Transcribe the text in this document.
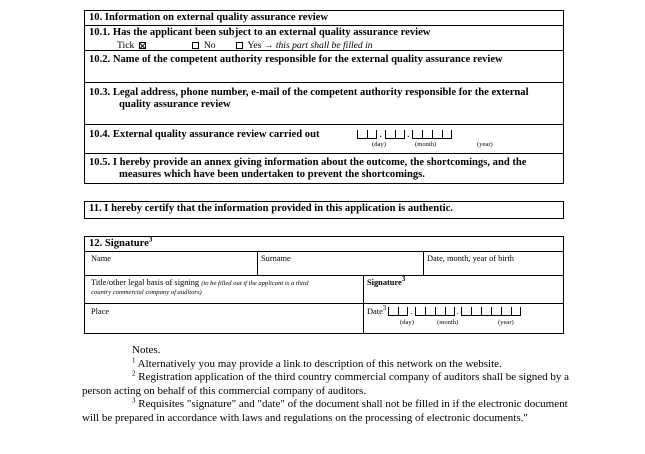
10. Information on external quality assurance review
10.1. Has the applicant been subject to an external quality assurance review
Tick	No	Yes → this part shall be filled in
10.2. Name of the competent authority responsible for the external quality assurance review
10.3. Legal address, phone number, e-mail of the competent authority responsible for the external
quality assurance review
10.4. External quality assurance review carried out	.
.
(day)	(month)	(year)
10.5. I hereby provide an annex giving information about the outcome, the shortcomings, and the
measures which have been undertaken to prevent the shortcomings.
11. I hereby certify that the information provided in this application is authentic.
12. Signature$^3$
Name	Surname	Date, month, year of birth
Title/other legal basis of signing (to be filled out if the applicant is a third
country commercial company of auditors)
Signature$^3$
Place	Date$^3$	.	.
(day)	(month)	(year)
Notes.
$^1$ Alternatively you may provide a link to description of this network on the website.
$^2$ Registration application of the third country commercial company of auditors shall be signed by a person acting on behalf of this commercial company of auditors.
$^3$ Requisites "signature" and "date" of the document shall not be filled in if the electronic document will be prepared in accordance with laws and regulations on the processing of electronic documents."
